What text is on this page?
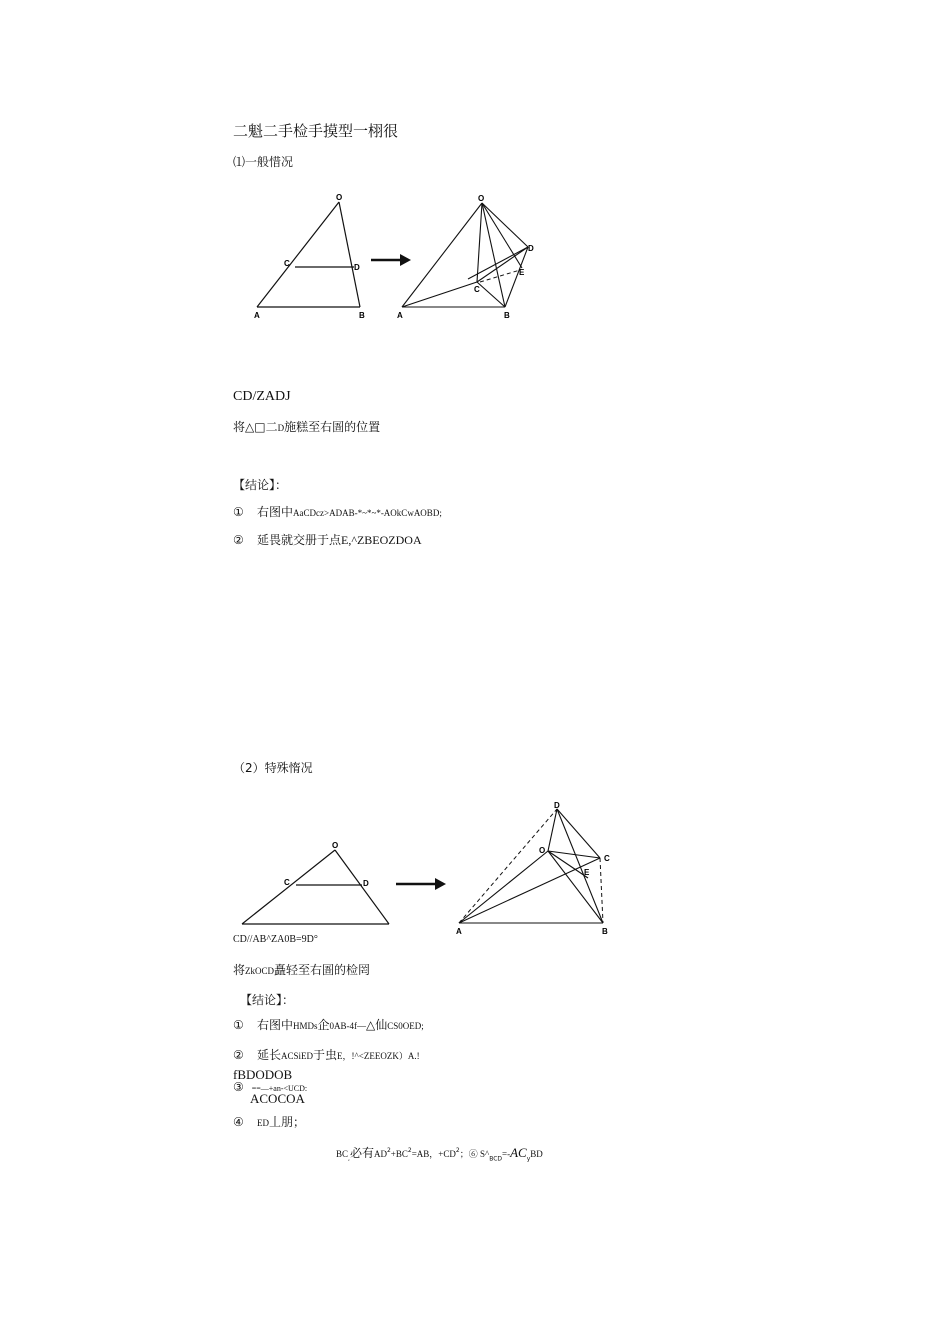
二魁二手检手摸型一栩很
⑴一般惜况
O
C	D
A	B
O
D
E
C
A	B
CD/ZADJ
将△□二D施糕至右圄的位置
【结论】：
① 右图中AaCDcz>ADAB-*~*~*-AOkCwAOBD;
② 延畏就交册于点E,^ZBEOZDOA
（2）特殊惰况
O
C	D
D
O
C
E
A	B
CD//AB^ZA0B=9D°
将ZkOCD矗轻至右圄的检罔
【结论】：
① 右图中HMDs企0AB-4f—△仙CS0OED;
② 延长ACSiED于虫E，!^<ZEEOZK）A.!
fBDODOB
③ ==—+an-<UCD:
ACOCOA
④ ED丄朋；
$BC_,$必有$AD^2+BC^2=AB$，$+CD^2$；⑥ $S\^{}_{BCD}=-AC_yBD$
